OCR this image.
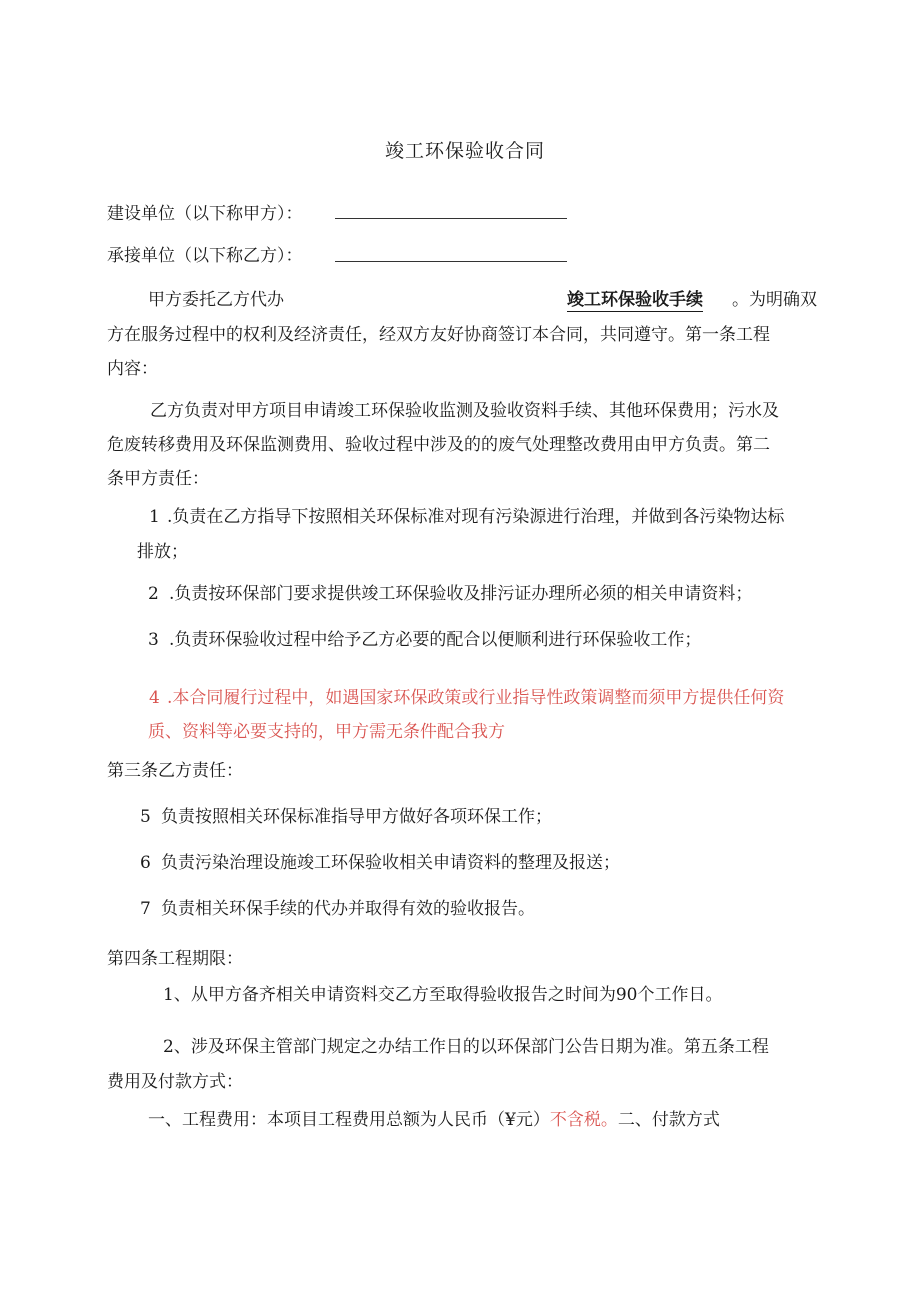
竣工环保验收合同
建设单位（以下称甲方）：
承接单位（以下称乙方）：
甲方委托乙方代办	竣工环保验收手续 。为明确双
方在服务过程中的权利及经济责任，经双方友好协商签订本合同，共同遵守。第一条工程
内容：
乙方负责对甲方项目申请竣工环保验收监测及验收资料手续、其他环保费用；污水及
危废转移费用及环保监测费用、验收过程中涉及的的废气处理整改费用由甲方负责。第二
条甲方责任：
1 .负责在乙方指导下按照相关环保标准对现有污染源进行治理，并做到各污染物达标
排放；
2 .负责按环保部门要求提供竣工环保验收及排污证办理所必须的相关申请资料；
3 .负责环保验收过程中给予乙方必要的配合以便顺利进行环保验收工作；
4 .本合同履行过程中，如遇国家环保政策或行业指导性政策调整而须甲方提供任何资
质、资料等必要支持的，甲方需无条件配合我方
第三条乙方责任：
5 负责按照相关环保标准指导甲方做好各项环保工作；
6 负责污染治理设施竣工环保验收相关申请资料的整理及报送；
7 负责相关环保手续的代办并取得有效的验收报告。
第四条工程期限：
1、从甲方备齐相关申请资料交乙方至取得验收报告之时间为90个工作日。
2、涉及环保主管部门规定之办结工作日的以环保部门公告日期为准。第五条工程
费用及付款方式：
一、工程费用：本项目工程费用总额为人民币（¥元）不含税。二、付款方式
